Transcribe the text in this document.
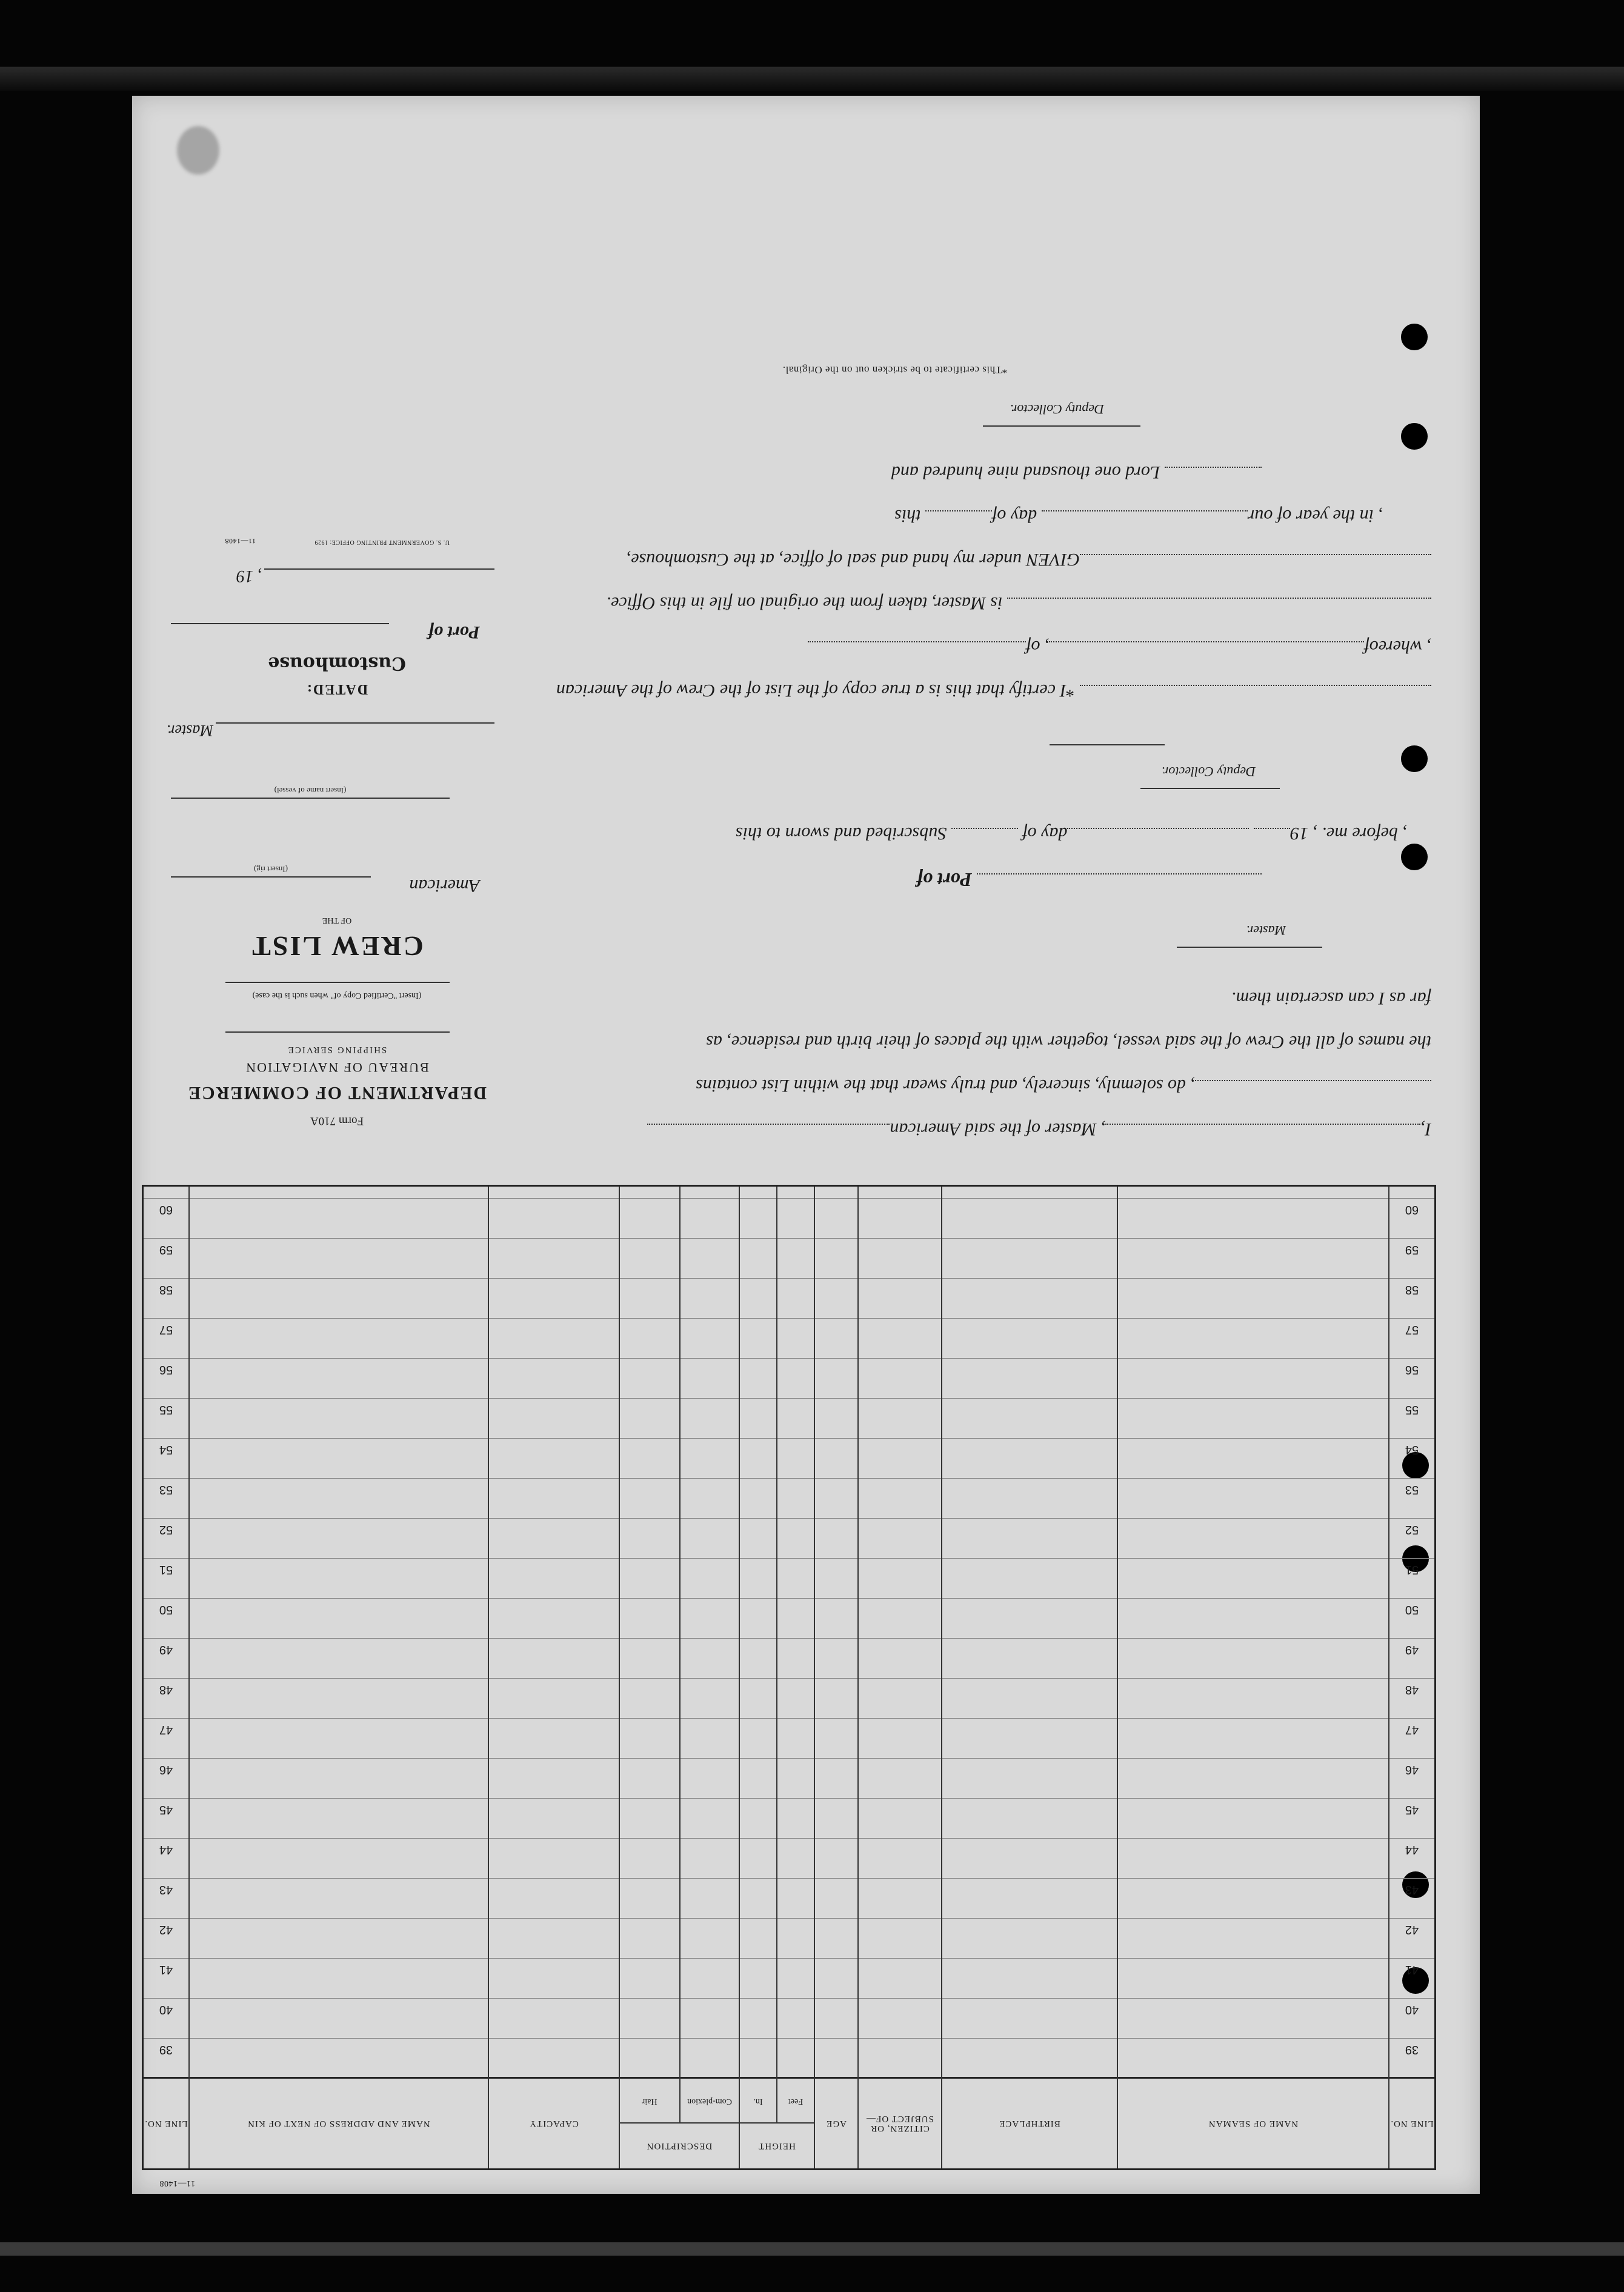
LINE NO.
NAME OF SEAMAN
BIRTHPLACE
CITIZEN, OR SUBJECT OF—
AGE
HEIGHT
Feet
In.
DESCRIPTION
Com-plexion
Hair
CAPACITY
NAME AND ADDRESS OF NEXT OF KIN
LINE NO.
39
39
40
40
41
41
42
42
43
43
44
44
45
45
46
46
47
47
48
48
49
49
50
50
51
51
52
52
53
53
54
54
55
55
56
56
57
57
58
58
59
59
60
60
11—1408
I,, Master of the said American
, do solemnly, sincerely, and truly swear that the within List contains
the names of all the Crew of the said vessel, together with the places of their birth and residence, as
far as I can ascertain them.
Master.
Port of
, before me. , 19 day of  Subscribed and sworn to this
Deputy Collector.
*I certify that this is a true copy of the List of the Crew of the American
, whereof, of
is Master, taken from the original on file in this Office.
GIVEN under my hand and seal of office, at the Customhouse,
, in the year of our day of this
Lord one thousand nine hundred and
Deputy Collector.
*This certificate to be stricken out on the Original.
Form 710A
DEPARTMENT OF COMMERCE
BUREAU OF NAVIGATION
SHIPPING SERVICE
(Insert "Certified Copy of" when such is the case)
CREW LIST
OF THE
American
(Insert rig)
(Insert name of vessel)
Master.
DATED:
Customhouse
Port of
, 19
U. S. GOVERNMENT PRINTING OFFICE: 1929
11—1408
